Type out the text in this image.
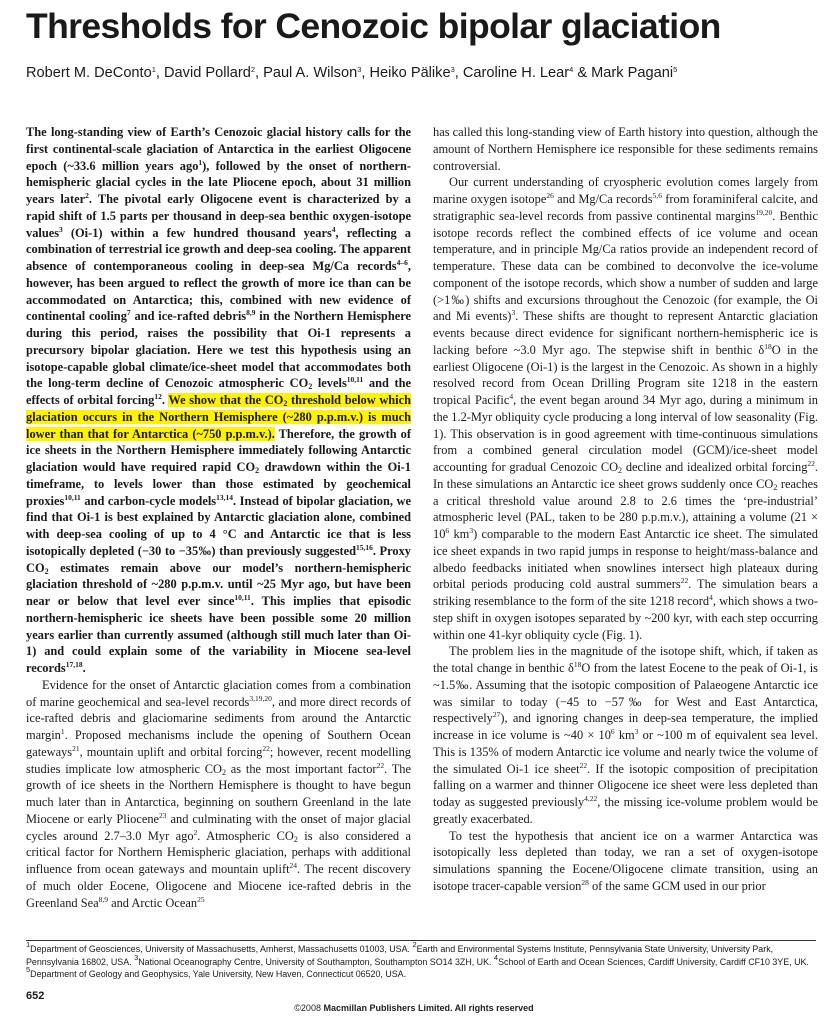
Thresholds for Cenozoic bipolar glaciation
Robert M. DeConto$^1$, David Pollard$^2$, Paul A. Wilson$^3$, Heiko Pälike$^3$, Caroline H. Lear$^4$ & Mark Pagani$^5$

The long-standing view of Earth’s Cenozoic glacial history calls for the first continental-scale glaciation of Antarctica in the earliest Oligocene epoch (~33.6 million years ago$^1$), followed by the onset of northern-hemispheric glacial cycles in the late Pliocene epoch, about 31 million years later$^2$. The pivotal early Oligocene event is characterized by a rapid shift of 1.5 parts per thousand in deep-sea benthic oxygen-isotope values$^3$ (Oi-1) within a few hundred thousand years$^4$, reflecting a combination of terrestrial ice growth and deep-sea cooling. The apparent absence of contemporaneous cooling in deep-sea Mg/Ca records$^{4-6}$, however, has been argued to reflect the growth of more ice than can be accommodated on Antarctica; this, combined with new evidence of continental cooling$^7$ and ice-rafted debris$^{8,9}$ in the Northern Hemisphere during this period, raises the possibility that Oi-1 represents a precursory bipolar glaciation. Here we test this hypothesis using an isotope-capable global climate/ice-sheet model that accommodates both the long-term decline of Cenozoic atmospheric $CO_2$ levels$^{10,11}$ and the effects of orbital forcing$^{12}$. We show that the $CO_2$ threshold below which glaciation occurs in the Northern Hemisphere (~280 p.p.m.v.) is much lower than that for Antarctica (~750 p.p.m.v.). Therefore, the growth of ice sheets in the Northern Hemisphere immediately following Antarctic glaciation would have required rapid $CO_2$ drawdown within the Oi-1 timeframe, to levels lower than those estimated by geochemical proxies$^{10,11}$ and carbon-cycle models$^{13,14}$. Instead of bipolar glaciation, we find that Oi-1 is best explained by Antarctic glaciation alone, combined with deep-sea cooling of up to 4 °C and Antarctic ice that is less isotopically depleted (−30 to −35‰) than previously suggested$^{15,16}$. Proxy $CO_2$ estimates remain above our model’s northern-hemispheric glaciation threshold of ~280 p.p.m.v. until ~25 Myr ago, but have been near or below that level ever since$^{10,11}$. This implies that episodic northern-hemispheric ice sheets have been possible some 20 million years earlier than currently assumed (although still much later than Oi-1) and could explain some of the variability in Miocene sea-level records$^{17,18}$.

Evidence for the onset of Antarctic glaciation comes from a combination of marine geochemical and sea-level records$^{3,19,20}$, and more direct records of ice-rafted debris and glaciomarine sediments from around the Antarctic margin$^1$. Proposed mechanisms include the opening of Southern Ocean gateways$^{21}$, mountain uplift and orbital forcing$^{22}$; however, recent modelling studies implicate low atmospheric $CO_2$ as the most important factor$^{22}$. The growth of ice sheets in the Northern Hemisphere is thought to have begun much later than in Antarctica, beginning on southern Greenland in the late Miocene or early Pliocene$^{23}$ and culminating with the onset of major glacial cycles around 2.7–3.0 Myr ago$^2$. Atmospheric $CO_2$ is also considered a critical factor for Northern Hemispheric glaciation, perhaps with additional influence from ocean gateways and mountain uplift$^{24}$. The recent discovery of much older Eocene, Oligocene and Miocene ice-rafted debris in the Greenland Sea$^{8,9}$ and Arctic Ocean$^{25}$

has called this long-standing view of Earth history into question, although the amount of Northern Hemisphere ice responsible for these sediments remains controversial.

Our current understanding of cryospheric evolution comes largely from marine oxygen isotope$^{26}$ and Mg/Ca records$^{5,6}$ from foraminiferal calcite, and stratigraphic sea-level records from passive continental margins$^{19,20}$. Benthic isotope records reflect the combined effects of ice volume and ocean temperature, and in principle Mg/Ca ratios provide an independent record of temperature. These data can be combined to deconvolve the ice-volume component of the isotope records, which show a number of sudden and large (>1‰) shifts and excursions throughout the Cenozoic (for example, the Oi and Mi events)$^3$. These shifts are thought to represent Antarctic glaciation events because direct evidence for significant northern-hemispheric ice is lacking before ~3.0 Myr ago. The stepwise shift in benthic $\delta^{18}O$ in the earliest Oligocene (Oi-1) is the largest in the Cenozoic. As shown in a highly resolved record from Ocean Drilling Program site 1218 in the eastern tropical Pacific$^4$, the event began around 34 Myr ago, during a minimum in the 1.2-Myr obliquity cycle producing a long interval of low seasonality (Fig. 1). This observation is in good agreement with time-continuous simulations from a combined general circulation model (GCM)/ice-sheet model accounting for gradual Cenozoic $CO_2$ decline and idealized orbital forcing$^{22}$. In these simulations an Antarctic ice sheet grows suddenly once $CO_2$ reaches a critical threshold value around 2.8 to 2.6 times the ‘pre-industrial’ atmospheric level (PAL, taken to be 280 p.p.m.v.), attaining a volume ($21 \times 10^6$ $km^3$) comparable to the modern East Antarctic ice sheet. The simulated ice sheet expands in two rapid jumps in response to height/mass-balance and albedo feedbacks initiated when snowlines intersect high plateaux during orbital periods producing cold austral summers$^{22}$. The simulation bears a striking resemblance to the form of the site 1218 record$^4$, which shows a two-step shift in oxygen isotopes separated by ~200 kyr, with each step occurring within one 41-kyr obliquity cycle (Fig. 1).

The problem lies in the magnitude of the isotope shift, which, if taken as the total change in benthic $\delta^{18}O$ from the latest Eocene to the peak of Oi-1, is ~1.5‰. Assuming that the isotopic composition of Palaeogene Antarctic ice was similar to today (−45 to −57‰ for West and East Antarctica, respectively$^{27}$), and ignoring changes in deep-sea temperature, the implied increase in ice volume is ~40 × $10^6$ $km^3$ or ~100 m of equivalent sea level. This is 135% of modern Antarctic ice volume and nearly twice the volume of the simulated Oi-1 ice sheet$^{22}$. If the isotopic composition of precipitation falling on a warmer and thinner Oligocene ice sheet were less depleted than today as suggested previously$^{4,22}$, the missing ice-volume problem would be greatly exacerbated.

To test the hypothesis that ancient ice on a warmer Antarctica was isotopically less depleted than today, we ran a set of oxygen-isotope simulations spanning the Eocene/Oligocene climate transition, using an isotope tracer-capable version$^{28}$ of the same GCM used in our prior

$^1$Department of Geosciences, University of Massachusetts, Amherst, Massachusetts 01003, USA. $^2$Earth and Environmental Systems Institute, Pennsylvania State University, University Park, Pennsylvania 16802, USA. $^3$National Oceanography Centre, University of Southampton, Southampton SO14 3ZH, UK. $^4$School of Earth and Ocean Sciences, Cardiff University, Cardiff CF10 3YE, UK. $^5$Department of Geology and Geophysics, Yale University, New Haven, Connecticut 06520, USA.
652
©2008 Macmillan Publishers Limited. All rights reserved
